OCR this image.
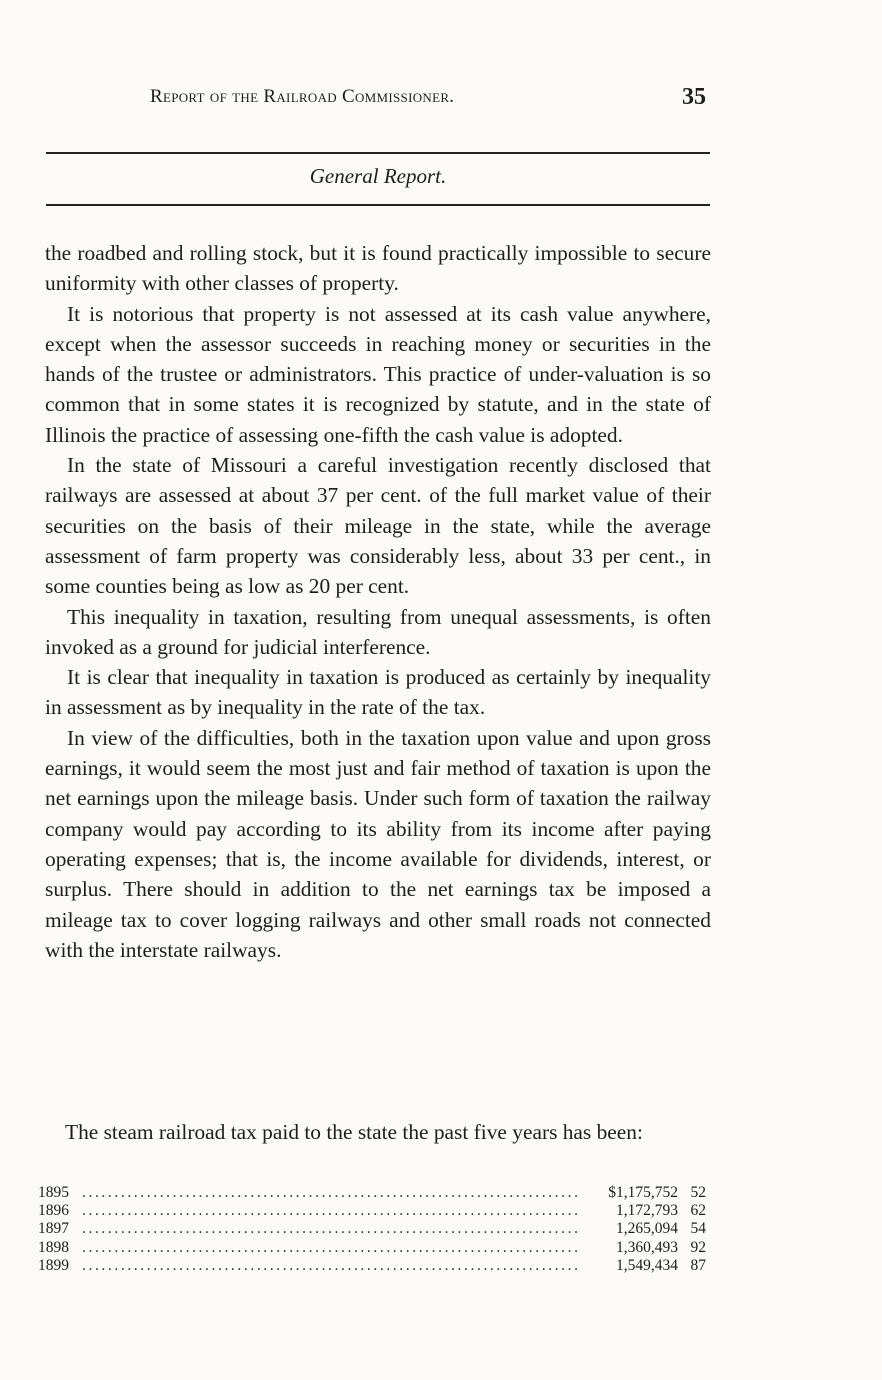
Report of the Railroad Commissioner.	35
General Report.

the roadbed and rolling stock, but it is found practically impossible to secure uniformity with other classes of property.

It is notorious that property is not assessed at its cash value anywhere, except when the assessor succeeds in reaching money or securities in the hands of the trustee or administrators. This practice of under-valuation is so common that in some states it is recognized by statute, and in the state of Illinois the practice of assessing one-fifth the cash value is adopted.

In the state of Missouri a careful investigation recently disclosed that railways are assessed at about 37 per cent. of the full market value of their securities on the basis of their mileage in the state, while the average assessment of farm property was considerably less, about 33 per cent., in some counties being as low as 20 per cent.

This inequality in taxation, resulting from unequal assessments, is often invoked as a ground for judicial interference.

It is clear that inequality in taxation is produced as certainly by inequality in assessment as by inequality in the rate of the tax.

In view of the difficulties, both in the taxation upon value and upon gross earnings, it would seem the most just and fair method of taxation is upon the net earnings upon the mileage basis. Under such form of taxation the railway company would pay according to its ability from its income after paying operating expenses; that is, the income available for dividends, interest, or surplus. There should in addition to the net earnings tax be imposed a mileage tax to cover logging railways and other small roads not connected with the interstate railways.

The steam railroad tax paid to the state the past five years has been:
1895 .....	$1,175,752 52
1896 .....	1,172,793 62
1897 .....	1,265,094 54
1898 .....	1,360,493 92
1899 .....	1,549,434 87
